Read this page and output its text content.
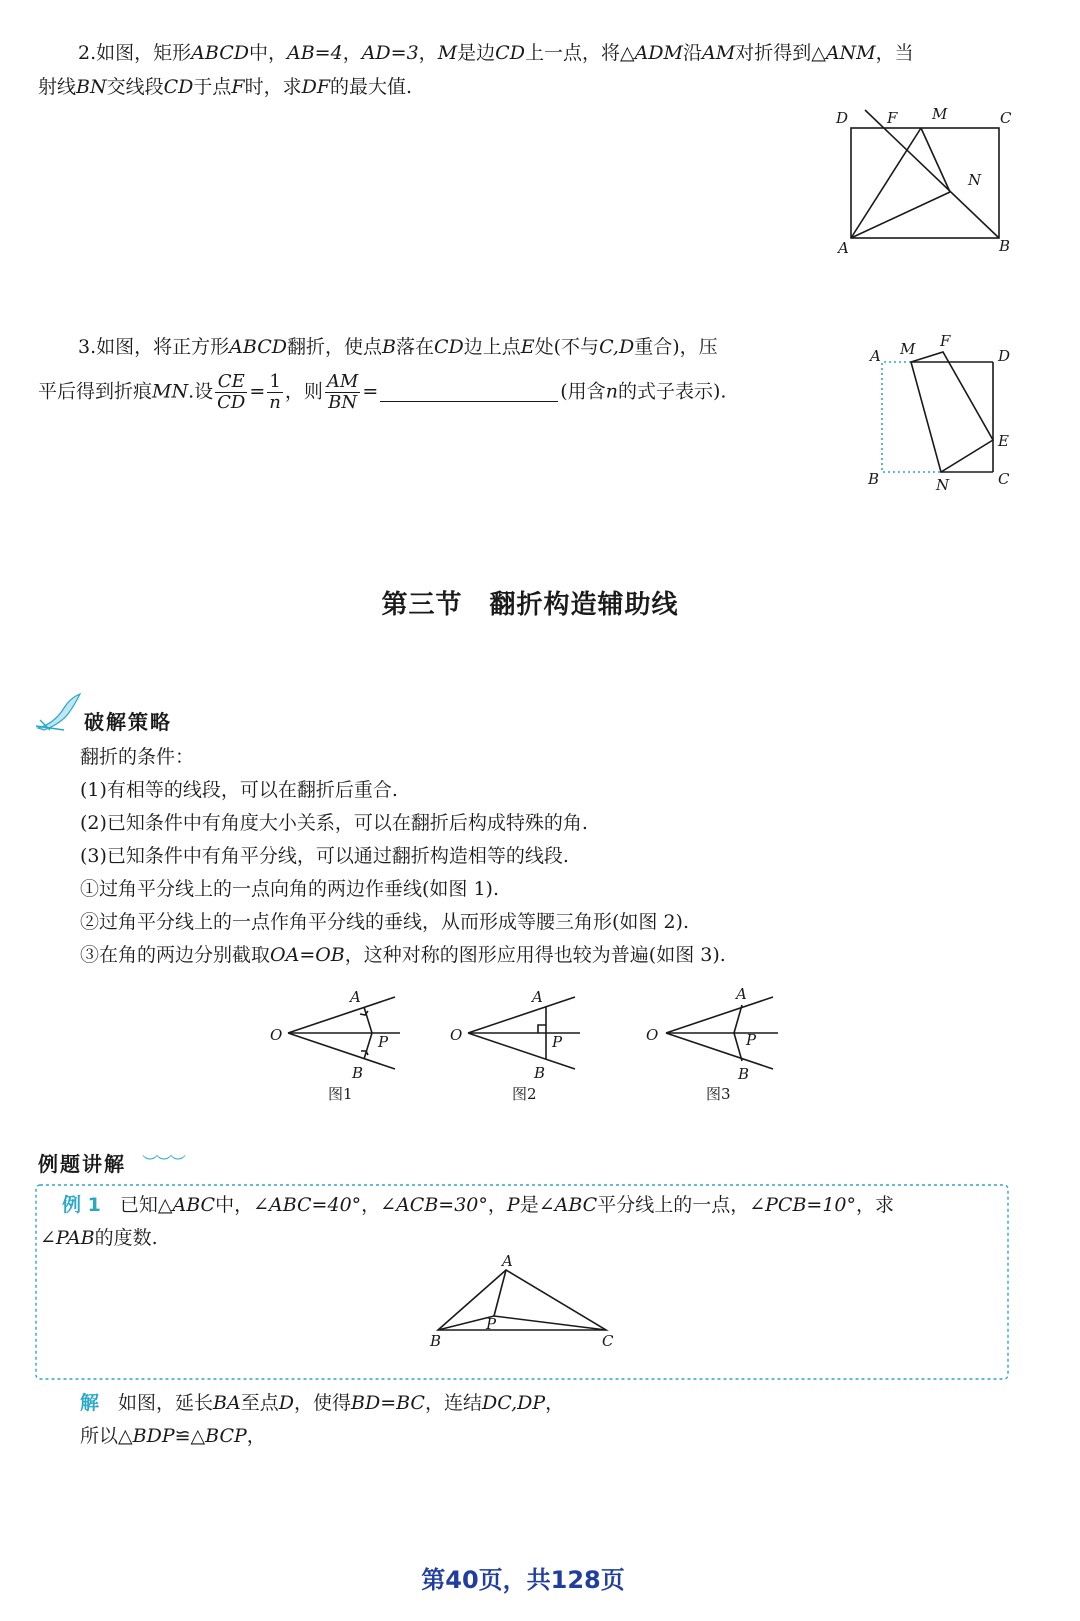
2.如图，矩形ABCD中，AB=4，AD=3，M是边CD上一点，将△ADM沿AM对折得到△ANM，当
射线BN交线段CD于点F时，求DF的最大值.
D	F M	C
N
A	B
3.如图，将正方形ABCD翻折，使点B落在CD边上点E处(不与C,D重合)，压
平后得到折痕MN.设 $\frac{CE}{CD} = \frac{1}{n}$ ，则 $\frac{AM}{BN}$ =	(用含n的式子表示).
A M F
D
E
B	N	C
第三节　翻折构造辅助线
破解策略
翻折的条件：
(1)有相等的线段，可以在翻折后重合.
(2)已知条件中有角度大小关系，可以在翻折后构成特殊的角.
(3)已知条件中有角平分线，可以通过翻折构造相等的线段.
①过角平分线上的一点向角的两边作垂线(如图 1).
②过角平分线上的一点作角平分线的垂线，从而形成等腰三角形(如图 2).
③在角的两边分别截取OA=OB，这种对称的图形应用得也较为普遍(如图 3).
O
A
P
B
图1
O
A
P
B
图2
O
A
P
B
图3
例题讲解 ︶︶︶
例 1　 已知△ABC中，∠ABC=40°，∠ACB=30°，P是∠ABC平分线上的一点，∠PCB=10°，求
∠PAB的度数.
A
P
B	C
解　 如图，延长BA至点D，使得BD=BC，连结DC,DP，
所以△BDP≌△BCP，
第40页，共128页
